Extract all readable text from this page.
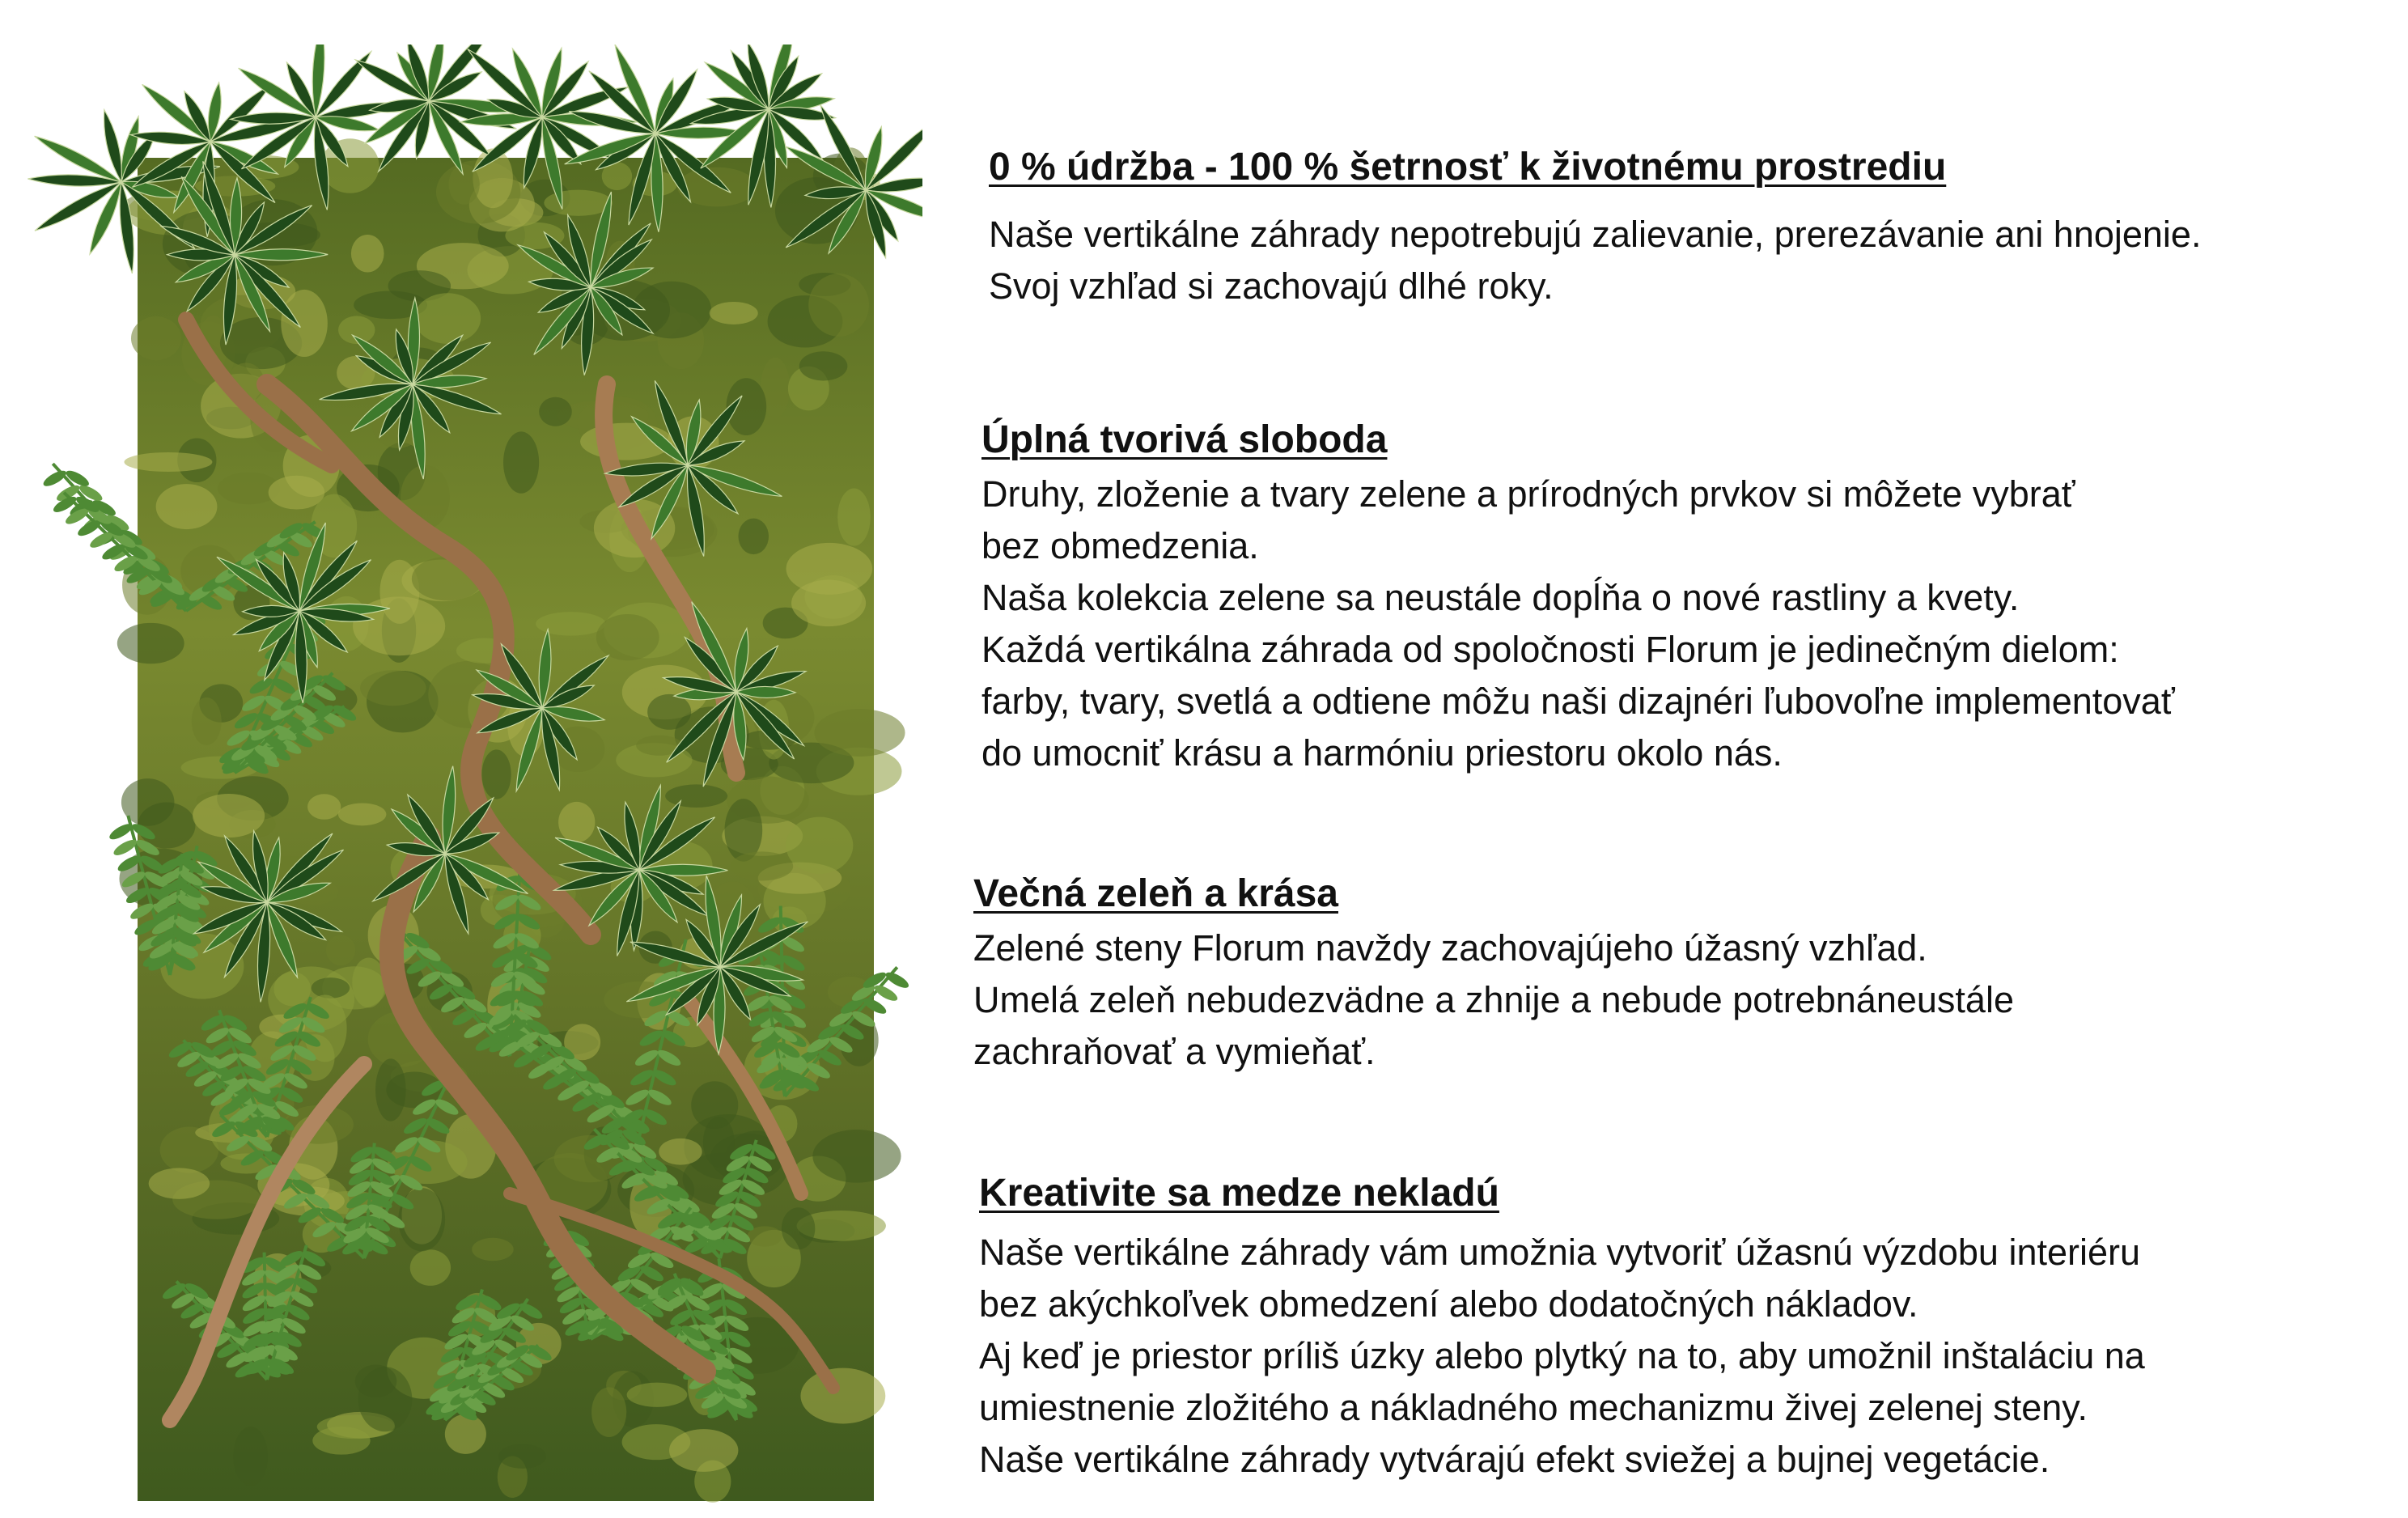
0 % údržba - 100 % šetrnosť k životnému prostrediu

Naše vertikálne záhrady nepotrebujú zalievanie, prerezávanie ani hnojenie.

Svoj vzhľad si zachovajú dlhé roky.

Úplná tvorivá sloboda

Druhy, zloženie a tvary zelene a prírodných prvkov si môžete vybrať

bez obmedzenia.

Naša kolekcia zelene sa neustále dopĺňa o nové rastliny a kvety.

Každá vertikálna záhrada od spoločnosti Florum je jedinečným dielom:

farby, tvary, svetlá a odtiene môžu naši dizajnéri ľubovoľne implementovať

do umocniť krásu a harmóniu priestoru okolo nás.

Večná zeleň a krása

Zelené steny Florum navždy zachovajújeho úžasný vzhľad.

Umelá zeleň nebudezvädne a zhnije a nebude potrebnáneustále

zachraňovať a vymieňať.

Kreativite sa medze nekladú

Naše vertikálne záhrady vám umožnia vytvoriť úžasnú výzdobu interiéru

bez akýchkoľvek obmedzení alebo dodatočných nákladov.

Aj keď je priestor príliš úzky alebo plytký na to, aby umožnil inštaláciu na

umiestnenie zložitého a nákladného mechanizmu živej zelenej steny.

Naše vertikálne záhrady vytvárajú efekt sviežej a bujnej vegetácie.
